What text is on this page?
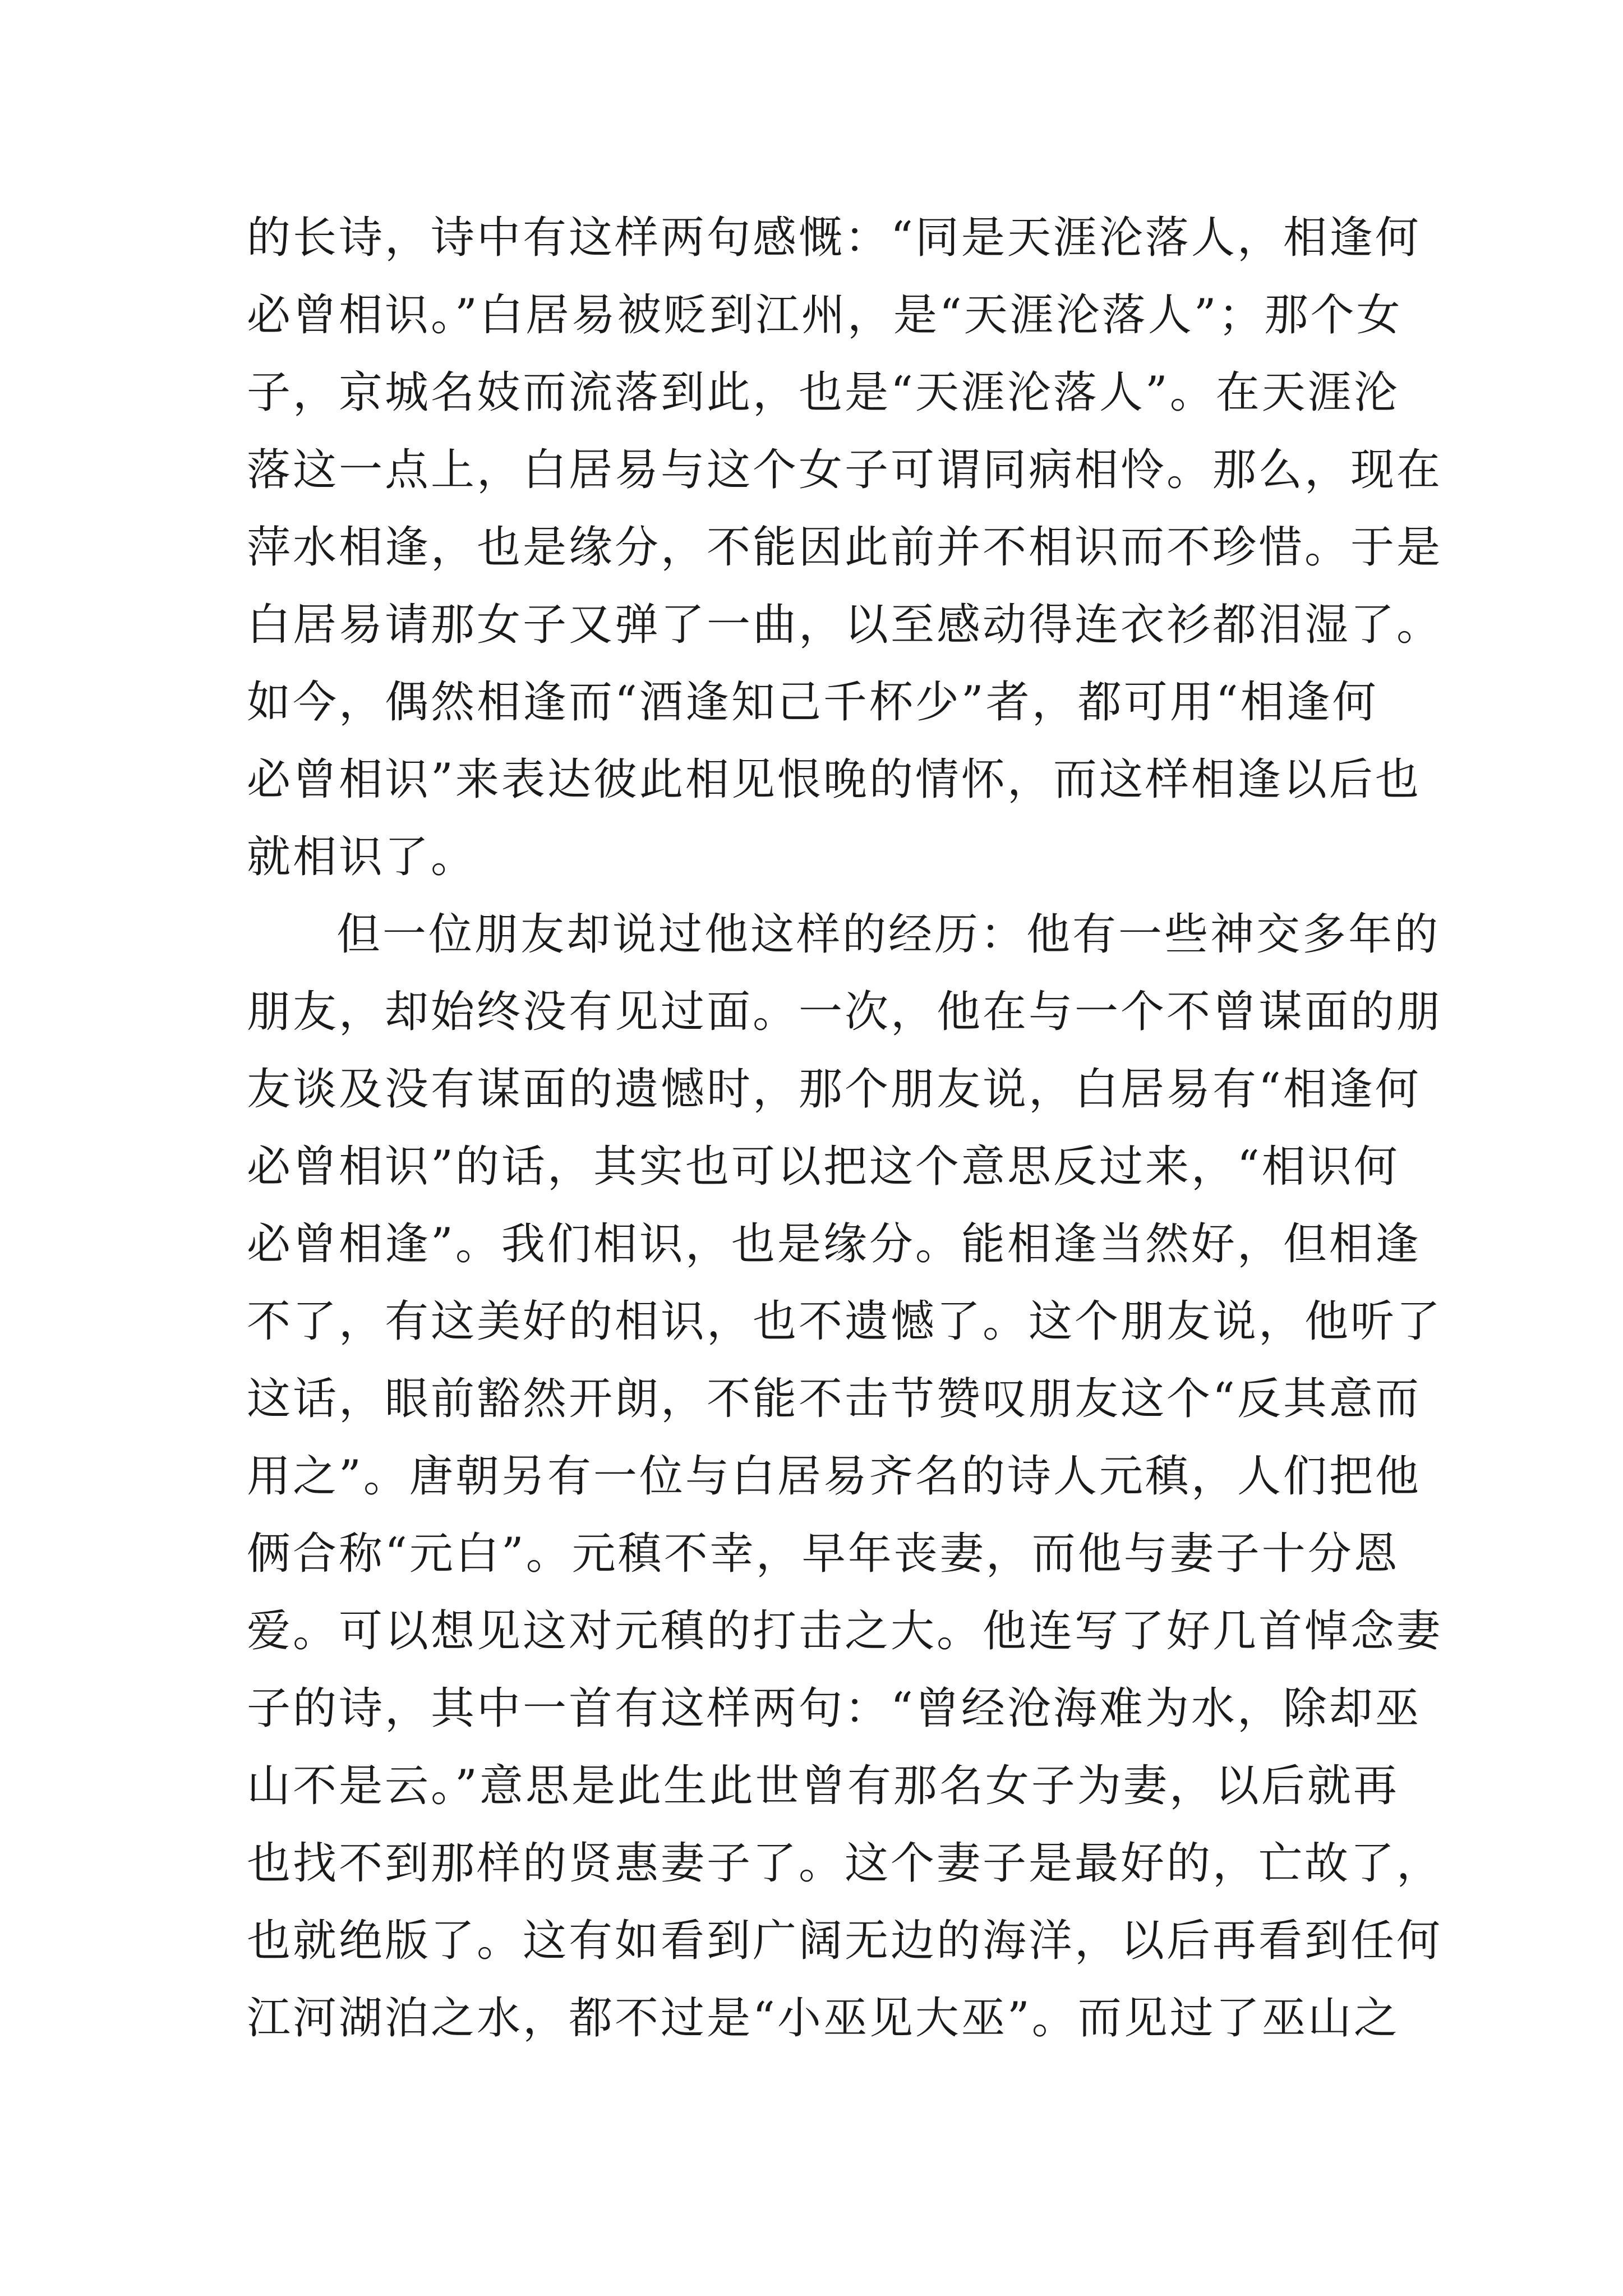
的长诗，诗中有这样两句感慨：“同是天涯沦落人，相逢何
必曾相识。”白居易被贬到江州，是“天涯沦落人”；那个女
子，京城名妓而流落到此，也是“天涯沦落人”。在天涯沦
落这一点上，白居易与这个女子可谓同病相怜。那么，现在
萍水相逢，也是缘分，不能因此前并不相识而不珍惜。于是
白居易请那女子又弹了一曲，以至感动得连衣衫都泪湿了。
如今，偶然相逢而“酒逢知己千杯少”者，都可用“相逢何
必曾相识”来表达彼此相见恨晚的情怀，而这样相逢以后也
就相识了。
但一位朋友却说过他这样的经历：他有一些神交多年的
朋友，却始终没有见过面。一次，他在与一个不曾谋面的朋
友谈及没有谋面的遗憾时，那个朋友说，白居易有“相逢何
必曾相识”的话，其实也可以把这个意思反过来，“相识何
必曾相逢”。我们相识，也是缘分。能相逢当然好，但相逢
不了，有这美好的相识，也不遗憾了。这个朋友说，他听了
这话，眼前豁然开朗，不能不击节赞叹朋友这个“反其意而
用之”。唐朝另有一位与白居易齐名的诗人元稹，人们把他
俩合称“元白”。元稹不幸，早年丧妻，而他与妻子十分恩
爱。可以想见这对元稹的打击之大。他连写了好几首悼念妻
子的诗，其中一首有这样两句：“曾经沧海难为水，除却巫
山不是云。”意思是此生此世曾有那名女子为妻，以后就再
也找不到那样的贤惠妻子了。这个妻子是最好的，亡故了，
也就绝版了。这有如看到广阔无边的海洋，以后再看到任何
江河湖泊之水，都不过是“小巫见大巫”。而见过了巫山之
